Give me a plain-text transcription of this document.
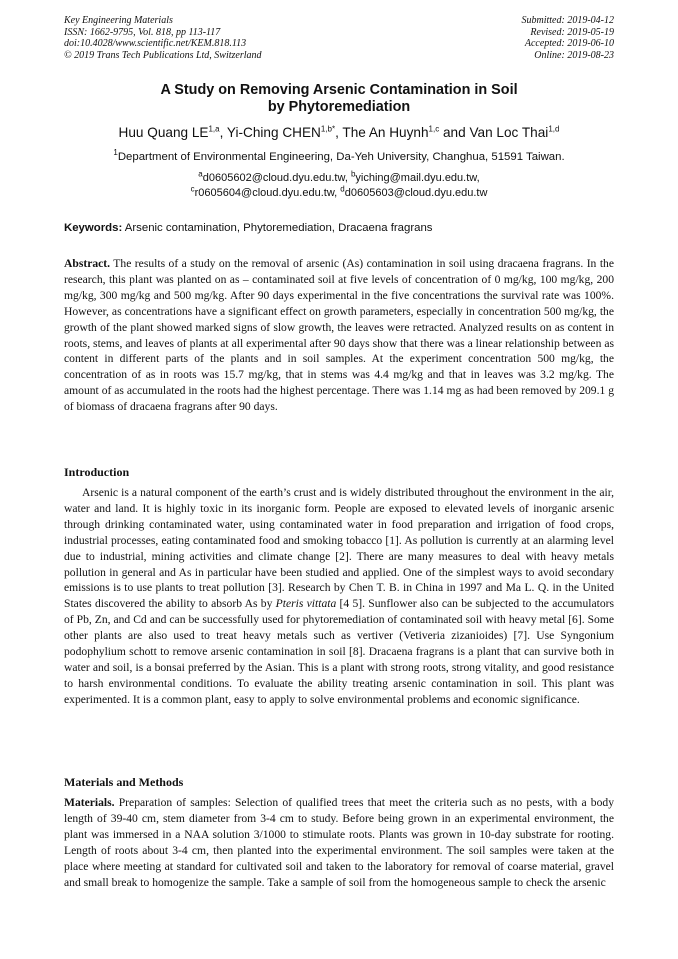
Key Engineering Materials
ISSN: 1662-9795, Vol. 818, pp 113-117
doi:10.4028/www.scientific.net/KEM.818.113
© 2019 Trans Tech Publications Ltd, Switzerland
Submitted: 2019-04-12
Revised: 2019-05-19
Accepted: 2019-06-10
Online: 2019-08-23
A Study on Removing Arsenic Contamination in Soil
by Phytoremediation
Huu Quang LE$^{1,a}$, Yi-Ching $CHEN^{1,b*}$, The An Huynh$^{1,c}$ and Van Loc Thai$^{1,d}$
$^1$Department of Environmental Engineering, Da-Yeh University, Changhua, 51591 Taiwan.
$^a$d0605602@cloud.dyu.edu.tw, $^b$yiching@mail.dyu.edu.tw,
$^c$r0605604@cloud.dyu.edu.tw, $^d$d0605603@cloud.dyu.edu.tw
Keywords: Arsenic contamination, Phytoremediation, Dracaena fragrans
Abstract. The results of a study on the removal of arsenic (As) contamination in soil using dracaena fragrans. In the research, this plant was planted on as – contaminated soil at five levels of concentration of 0 mg/kg, 100 mg/kg, 200 mg/kg, 300 mg/kg and 500 mg/kg. After 90 days experimental in the five concentrations the survival rate was 100%. However, as concentrations have a significant effect on growth parameters, especially in concentration 500 mg/kg, the growth of the plant showed marked signs of slow growth, the leaves were retracted. Analyzed results on as content in roots, stems, and leaves of plants at all experimental after 90 days show that there was a linear relationship between as content in different parts of the plants and in soil samples. At the experiment concentration 500 mg/kg, the concentration of as in roots was 15.7 mg/kg, that in stems was 4.4 mg/kg and that in leaves was 3.2 mg/kg. The amount of as accumulated in the roots had the highest percentage. There was 1.14 mg as had been removed by 209.1 g of biomass of dracaena fragrans after 90 days.
Introduction
Arsenic is a natural component of the earth’s crust and is widely distributed throughout the environment in the air, water and land. It is highly toxic in its inorganic form. People are exposed to elevated levels of inorganic arsenic through drinking contaminated water, using contaminated water in food preparation and irrigation of food crops, industrial processes, eating contaminated food and smoking tobacco [1]. As pollution is currently at an alarming level due to industrial, mining activities and climate change [2]. There are many measures to deal with heavy metals pollution in general and As in particular have been studied and applied. One of the simplest ways to avoid secondary emissions is to use plants to treat pollution [3]. Research by Chen T. B. in China in 1997 and Ma L. Q. in the United States discovered the ability to absorb As by Pteris vittata [4 5]. Sunflower also can be subjected to the accumulators of Pb, Zn, and Cd and can be successfully used for phytoremediation of contaminated soil with heavy metal [6]. Some other plants are also used to treat heavy metals such as vertiver (Vetiveria zizanioides) [7]. Use Syngonium podophylium schott to remove arsenic contamination in soil [8]. Dracaena fragrans is a plant that can survive both in water and soil, is a bonsai preferred by the Asian. This is a plant with strong roots, strong vitality, and good resistance to harsh environmental conditions. To evaluate the ability treating arsenic contamination in soil. This plant was experimented. It is a common plant, easy to apply to solve environmental problems and economic significance.
Materials and Methods
Materials. Preparation of samples: Selection of qualified trees that meet the criteria such as no pests, with a body length of 39-40 cm, stem diameter from 3-4 cm to study. Before being grown in an experimental environment, the plant was immersed in a NAA solution 3/1000 to stimulate roots. Plants was grown in 10-day substrate for rooting. Length of roots about 3-4 cm, then planted into the experimental environment. The soil samples were taken at the place where meeting at standard for cultivated soil and taken to the laboratory for removal of coarse material, gravel and small break to homogenize the sample. Take a sample of soil from the homogeneous sample to check the arsenic
